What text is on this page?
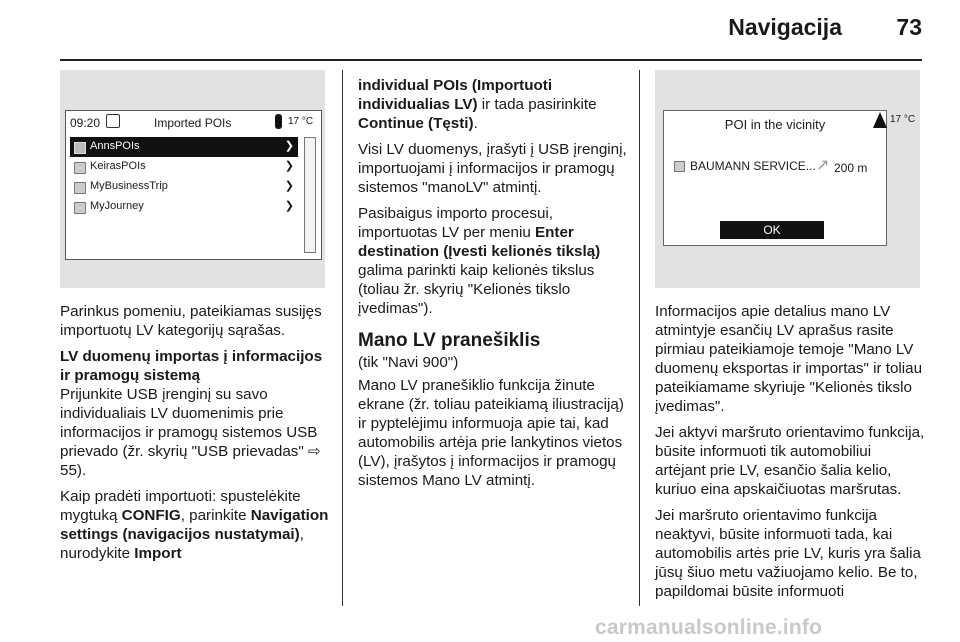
Navigacija 73
09:20	Imported POIs	17 °C
AnnsPOIs	❯
KeirasPOIs	❯
MyBusinessTrip	❯
MyJourney	❯
POI in the vicinity
BAUMANN SERVICE... ↗ 200 m
OK
17 °C

Parinkus pomeniu, pateikiamas susijęs importuotų LV kategorijų sąrašas.

LV duomenų importas į informacijos ir pramogų sistemą

Prijunkite USB įrenginį su savo individualiais LV duomenimis prie informacijos ir pramogų sistemos USB prievado (žr. skyrių "USB prievadas" ⇨ 55).

Kaip pradėti importuoti: spustelėkite mygtuką CONFIG, parinkite Navigation settings (navigacijos nustatymai), nurodykite Import

individual POIs (Importuoti individualias LV) ir tada pasirinkite Continue (Tęsti).

Visi LV duomenys, įrašyti į USB įrenginį, importuojami į informacijos ir pramogų sistemos "manoLV" atmintį.

Pasibaigus importo procesui, importuotas LV per meniu Enter destination (Įvesti kelionės tikslą) galima parinkti kaip kelionės tikslus (toliau žr. skyrių "Kelionės tikslo įvedimas").

Mano LV pranešiklis

(tik "Navi 900")

Mano LV pranešiklio funkcija žinute ekrane (žr. toliau pateikiamą iliustraciją) ir pyptelėjimu informuoja apie tai, kad automobilis artėja prie lankytinos vietos (LV), įrašytos į informacijos ir pramogų sistemos Mano LV atmintį.

Informacijos apie detalius mano LV atmintyje esančių LV aprašus rasite pirmiau pateikiamoje temoje "Mano LV duomenų eksportas ir importas" ir toliau pateikiamame skyriuje "Kelionės tikslo įvedimas".

Jei aktyvi maršruto orientavimo funkcija, būsite informuoti tik automobiliui artėjant prie LV, esančio šalia kelio, kuriuo eina apskaičiuotas maršrutas.

Jei maršruto orientavimo funkcija neaktyvi, būsite informuoti tada, kai automobilis artės prie LV, kuris yra šalia jūsų šiuo metu važiuojamo kelio. Be to, papildomai būsite informuoti

carmanualsonline.info
